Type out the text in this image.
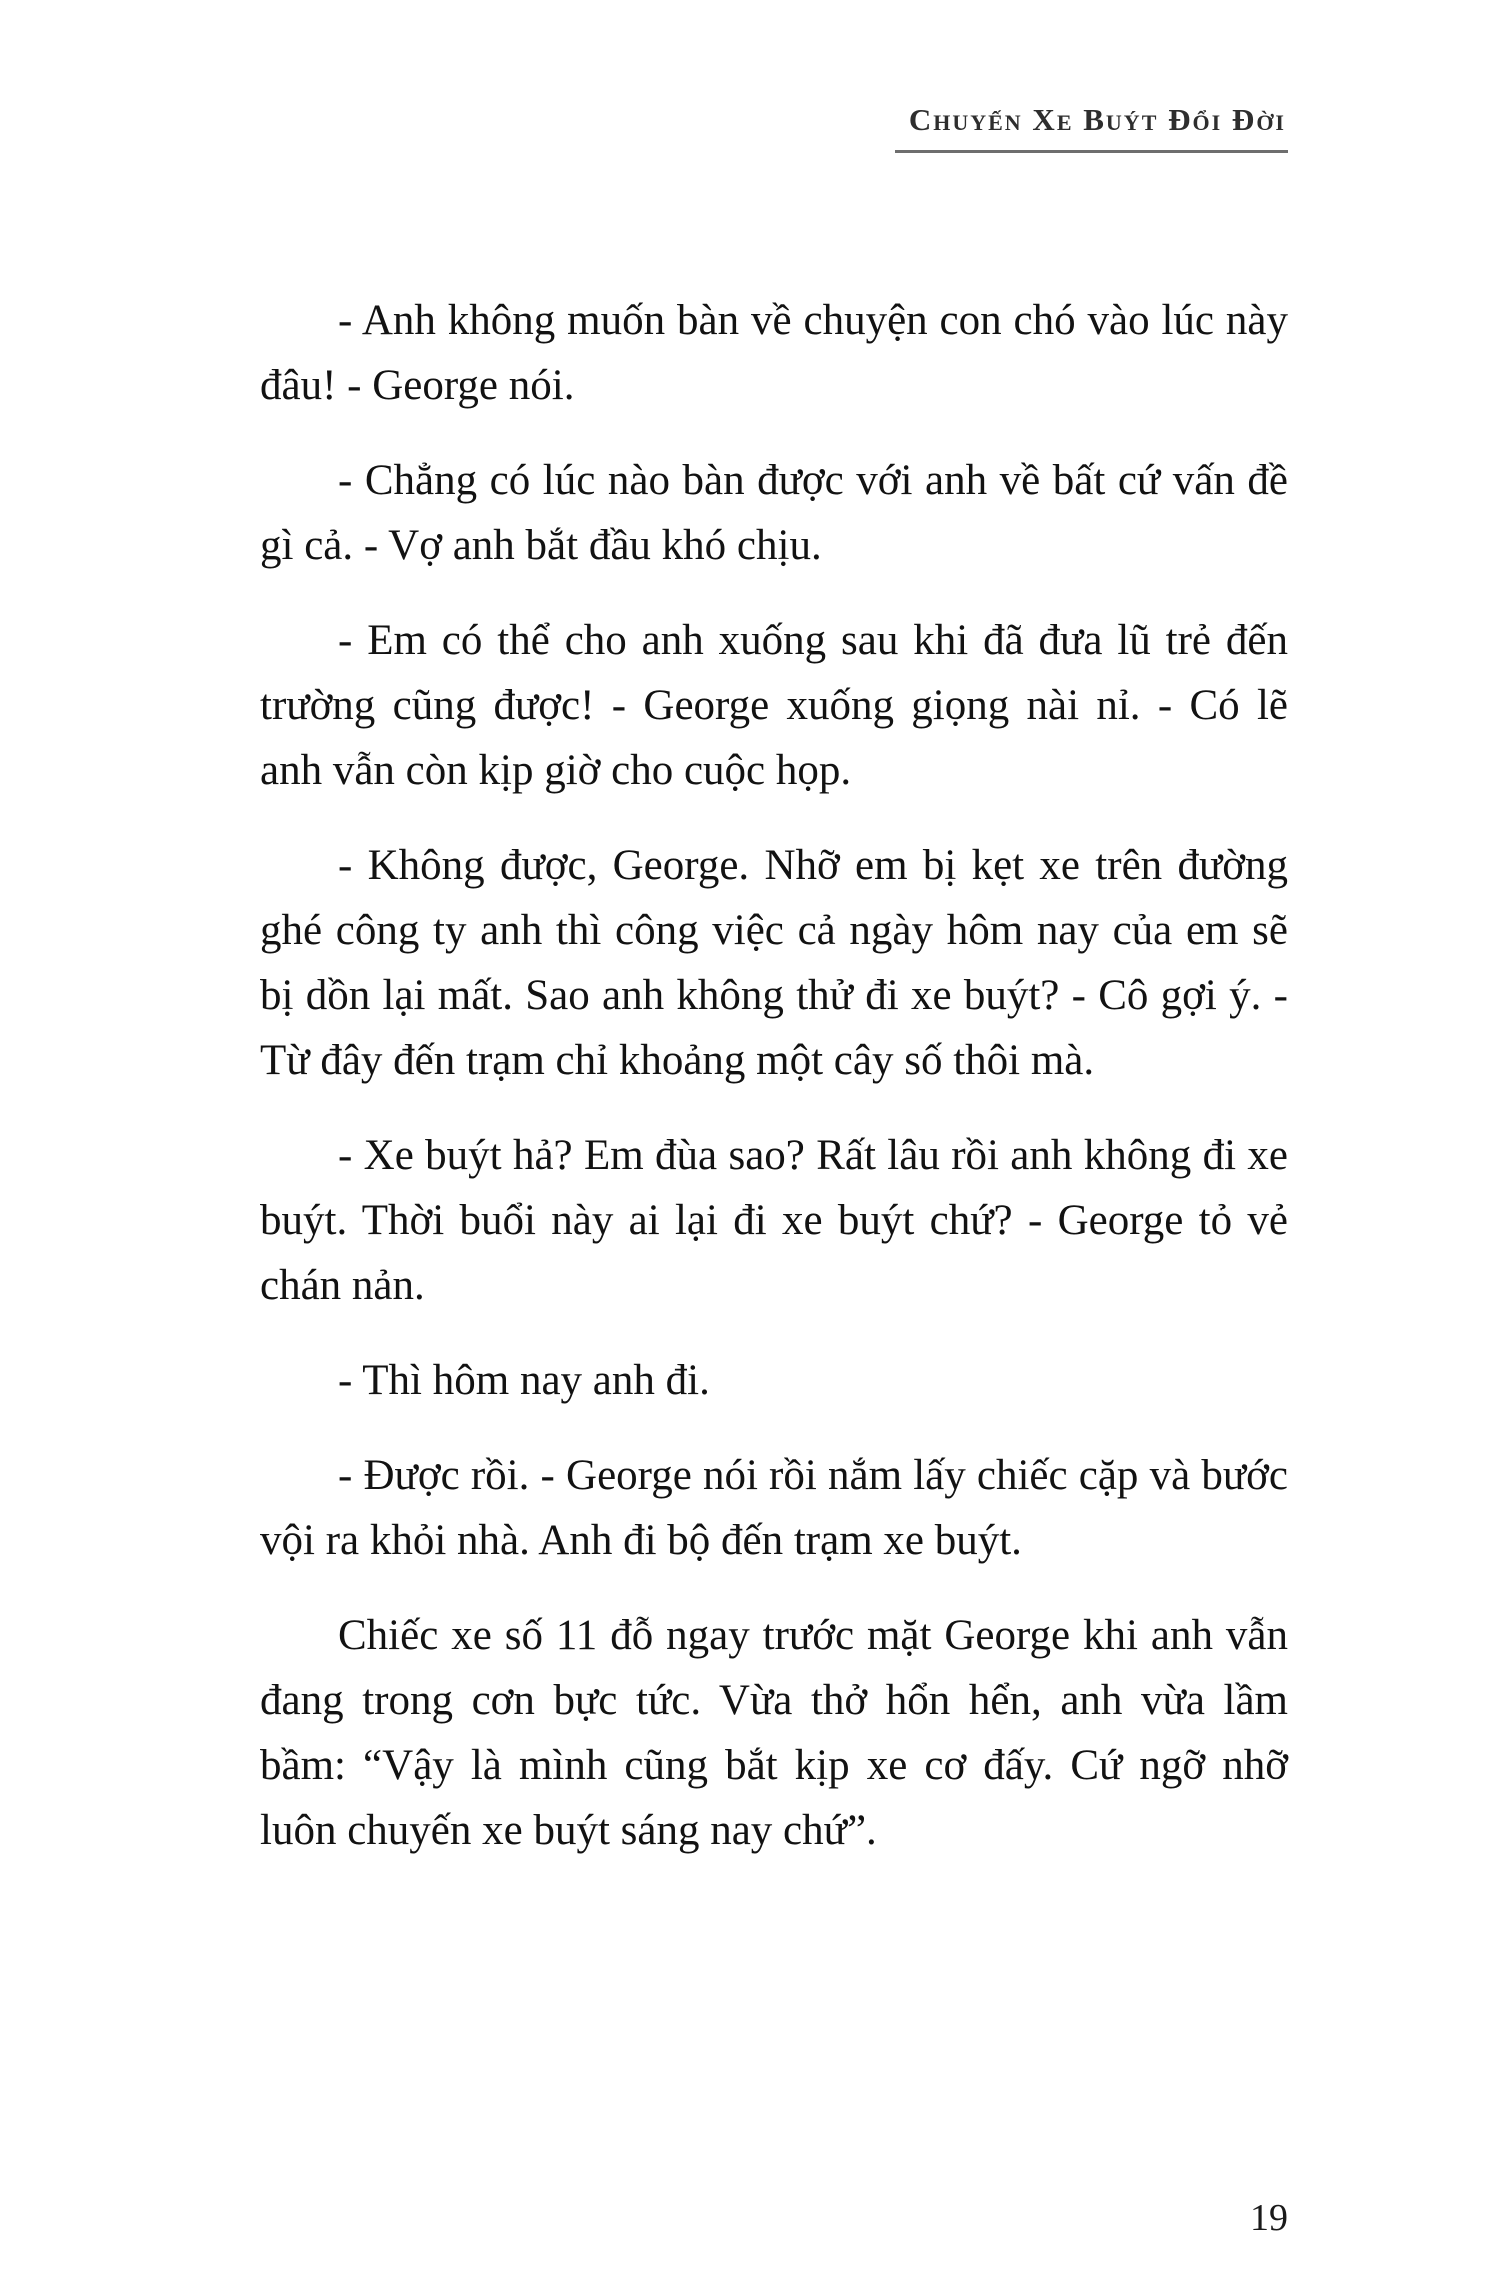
Chuyến Xe Buýt Đổi Đời

- Anh không muốn bàn về chuyện con chó vào lúc này đâu! - George nói.

- Chẳng có lúc nào bàn được với anh về bất cứ vấn đề gì cả. - Vợ anh bắt đầu khó chịu.

- Em có thể cho anh xuống sau khi đã đưa lũ trẻ đến trường cũng được! - George xuống giọng nài nỉ. - Có lẽ anh vẫn còn kịp giờ cho cuộc họp.

- Không được, George. Nhỡ em bị kẹt xe trên đường ghé công ty anh thì công việc cả ngày hôm nay của em sẽ bị dồn lại mất. Sao anh không thử đi xe buýt? - Cô gợi ý. - Từ đây đến trạm chỉ khoảng một cây số thôi mà.

- Xe buýt hả? Em đùa sao? Rất lâu rồi anh không đi xe buýt. Thời buổi này ai lại đi xe buýt chứ? - George tỏ vẻ chán nản.

- Thì hôm nay anh đi.

- Được rồi. - George nói rồi nắm lấy chiếc cặp và bước vội ra khỏi nhà. Anh đi bộ đến trạm xe buýt.

Chiếc xe số 11 đỗ ngay trước mặt George khi anh vẫn đang trong cơn bực tức. Vừa thở hổn hển, anh vừa lầm bầm: “Vậy là mình cũng bắt kịp xe cơ đấy. Cứ ngỡ nhỡ luôn chuyến xe buýt sáng nay chứ”.

19
